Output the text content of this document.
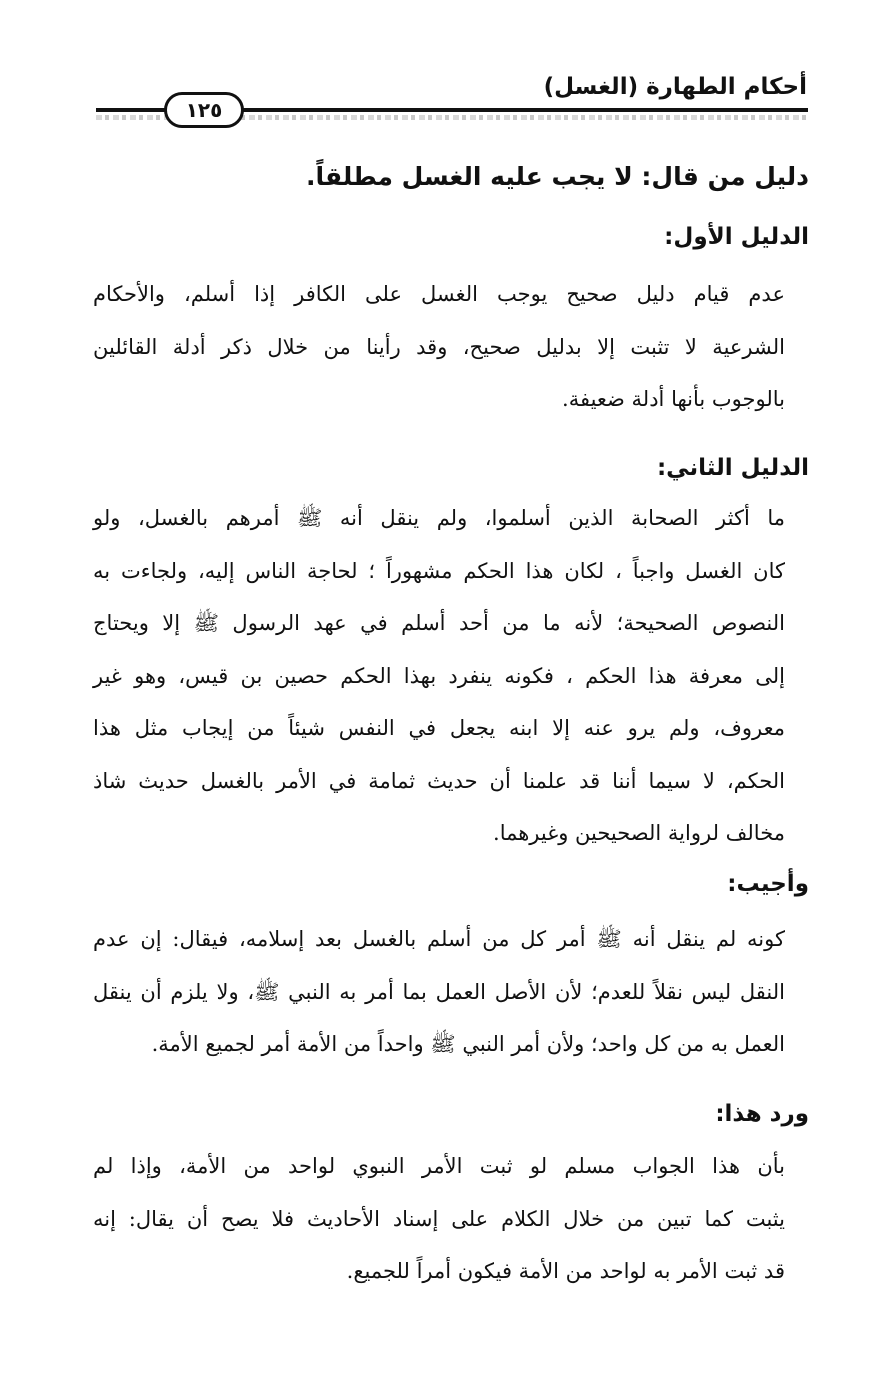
أحكام الطهارة (الغسل)
١٢٥
دليل من قال: لا يجب عليه الغسل مطلقاً.
الدليل الأول:
عدم قيام دليل صحيح يوجب الغسل على الكافر إذا أسلم، والأحكام
الشرعية لا تثبت إلا بدليل صحيح، وقد رأينا من خلال ذكر أدلة القائلين
بالوجوب بأنها أدلة ضعيفة.
الدليل الثاني:
ما أكثر الصحابة الذين أسلموا، ولم ينقل أنه ﷺ أمرهم بالغسل، ولو
كان الغسل واجباً ، لكان هذا الحكم مشهوراً ؛ لحاجة الناس إليه، ولجاءت به
النصوص الصحيحة؛ لأنه ما من أحد أسلم في عهد الرسول ﷺ إلا ويحتاج
إلى معرفة هذا الحكم ، فكونه ينفرد بهذا الحكم حصين بن قيس، وهو غير
معروف، ولم يرو عنه إلا ابنه يجعل في النفس شيئاً من إيجاب مثل هذا
الحكم، لا سيما أننا قد علمنا أن حديث ثمامة في الأمر بالغسل حديث شاذ
مخالف لرواية الصحيحين وغيرهما.
وأجيب:
كونه لم ينقل أنه ﷺ أمر كل من أسلم بالغسل بعد إسلامه، فيقال: إن عدم
النقل ليس نقلاً للعدم؛ لأن الأصل العمل بما أمر به النبي ﷺ، ولا يلزم أن ينقل
العمل به من كل واحد؛ ولأن أمر النبي ﷺ واحداً من الأمة أمر لجميع الأمة.
ورد هذا:
بأن هذا الجواب مسلم لو ثبت الأمر النبوي لواحد من الأمة، وإذا لم
يثبت كما تبين من خلال الكلام على إسناد الأحاديث فلا يصح أن يقال: إنه
قد ثبت الأمر به لواحد من الأمة فيكون أمراً للجميع.
